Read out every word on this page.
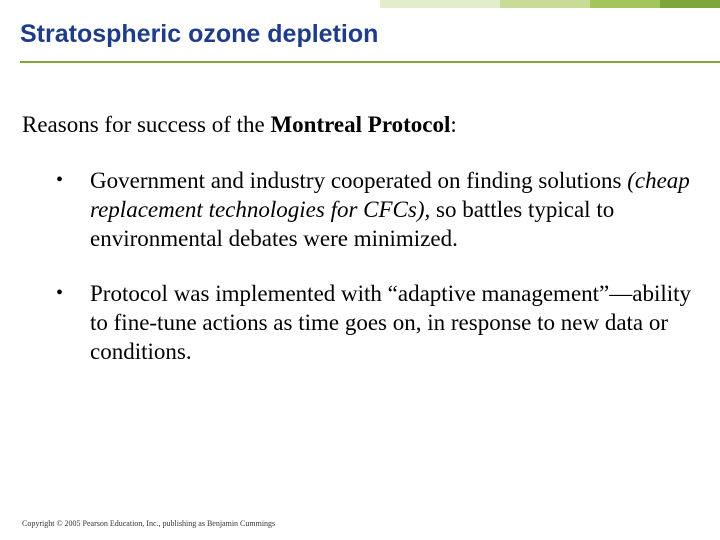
Stratospheric ozone depletion

Reasons for success of the Montreal Protocol:

• Government and industry cooperated on finding solutions (cheap replacement technologies for CFCs), so battles typical to environmental debates were minimized.
• Protocol was implemented with “adaptive management”—ability to fine-tune actions as time goes on, in response to new data or conditions.

Copyright © 2005 Pearson Education, Inc., publishing as Benjamin Cummings
